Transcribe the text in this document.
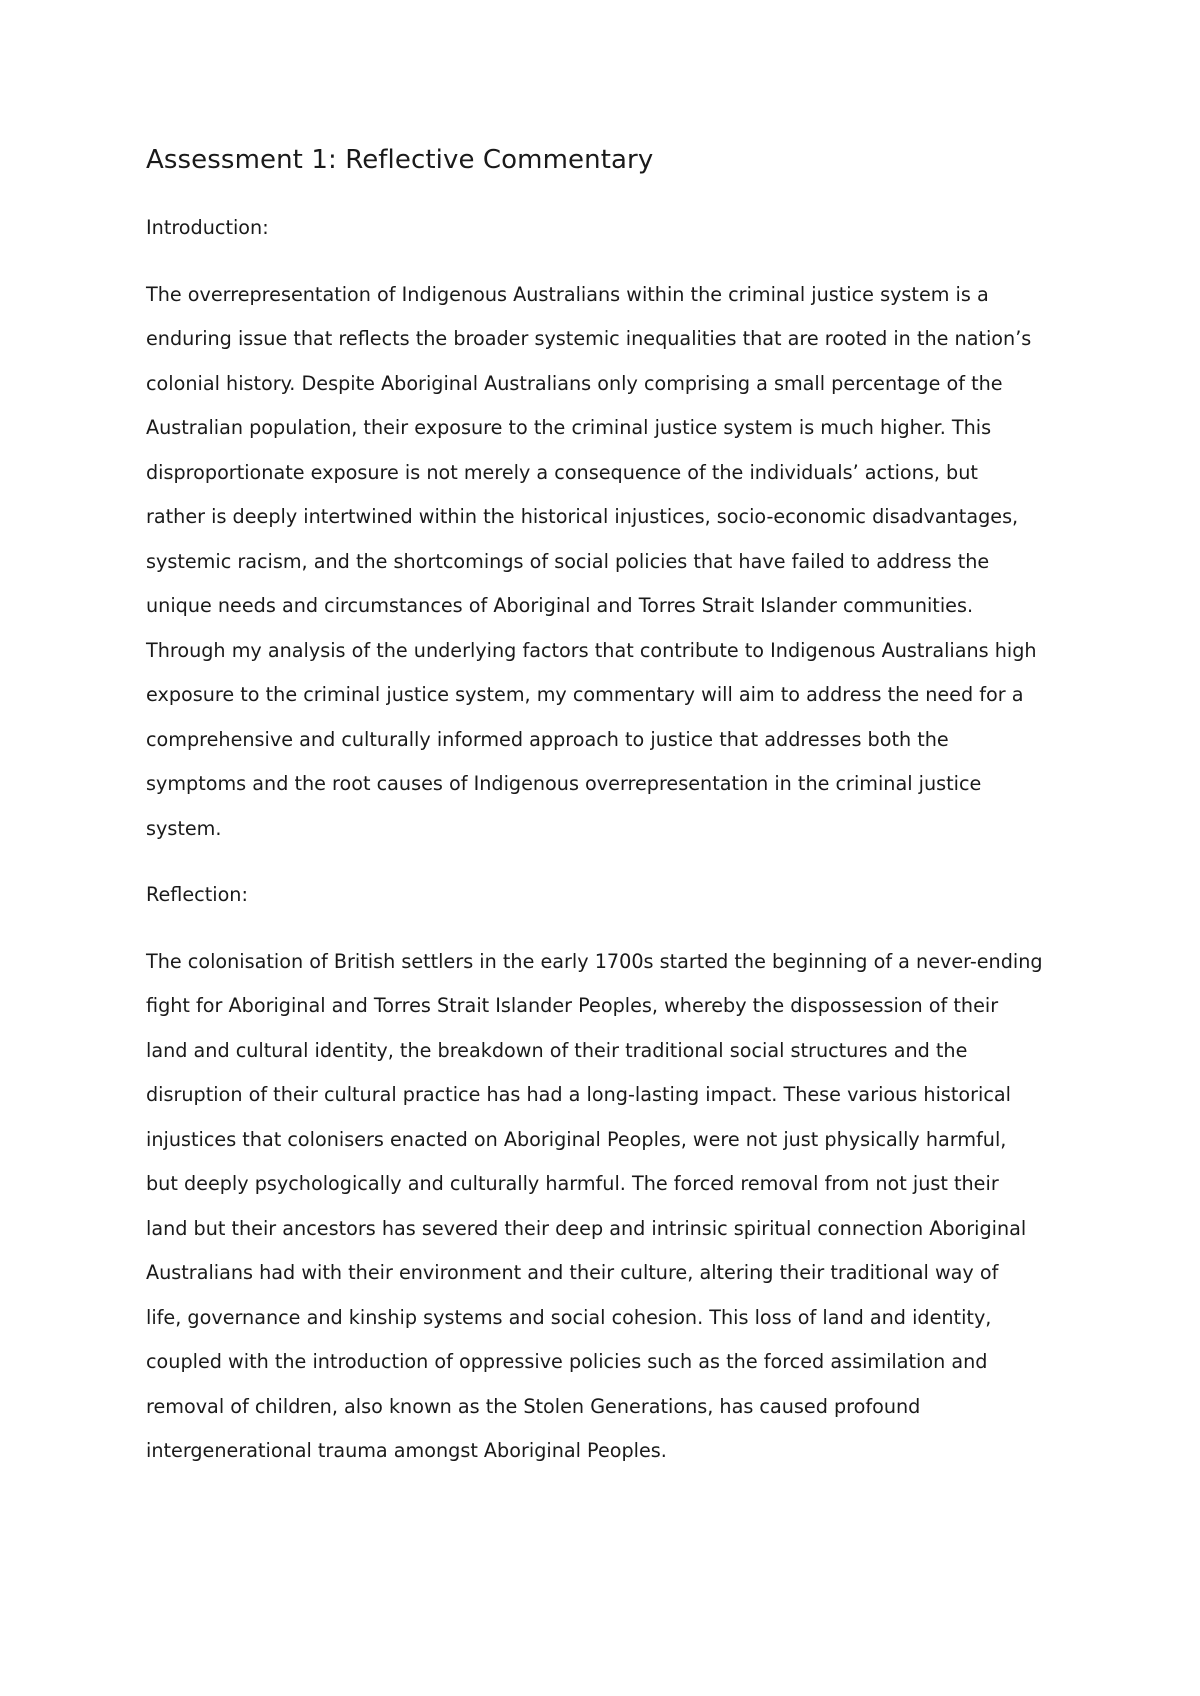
Assessment 1: Reflective Commentary
Introduction:
The overrepresentation of Indigenous Australians within the criminal justice system is a
enduring issue that reflects the broader systemic inequalities that are rooted in the nation’s
colonial history. Despite Aboriginal Australians only comprising a small percentage of the
Australian population, their exposure to the criminal justice system is much higher. This
disproportionate exposure is not merely a consequence of the individuals’ actions, but
rather is deeply intertwined within the historical injustices, socio-economic disadvantages,
systemic racism, and the shortcomings of social policies that have failed to address the
unique needs and circumstances of Aboriginal and Torres Strait Islander communities.
Through my analysis of the underlying factors that contribute to Indigenous Australians high
exposure to the criminal justice system, my commentary will aim to address the need for a
comprehensive and culturally informed approach to justice that addresses both the
symptoms and the root causes of Indigenous overrepresentation in the criminal justice
system.
Reflection:
The colonisation of British settlers in the early 1700s started the beginning of a never-ending
fight for Aboriginal and Torres Strait Islander Peoples, whereby the dispossession of their
land and cultural identity, the breakdown of their traditional social structures and the
disruption of their cultural practice has had a long-lasting impact. These various historical
injustices that colonisers enacted on Aboriginal Peoples, were not just physically harmful,
but deeply psychologically and culturally harmful. The forced removal from not just their
land but their ancestors has severed their deep and intrinsic spiritual connection Aboriginal
Australians had with their environment and their culture, altering their traditional way of
life, governance and kinship systems and social cohesion. This loss of land and identity,
coupled with the introduction of oppressive policies such as the forced assimilation and
removal of children, also known as the Stolen Generations, has caused profound
intergenerational trauma amongst Aboriginal Peoples.
